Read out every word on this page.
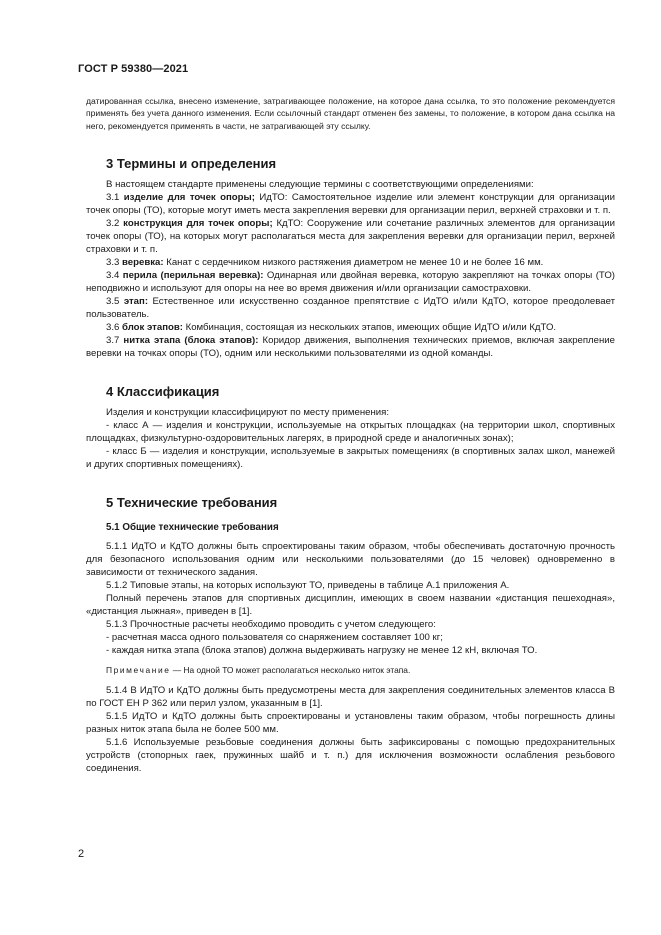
ГОСТ Р 59380—2021

датированная ссылка, внесено изменение, затрагивающее положение, на которое дана ссылка, то это положение рекомендуется применять без учета данного изменения. Если ссылочный стандарт отменен без замены, то положение, в котором дана ссылка на него, рекомендуется применять в части, не затрагивающей эту ссылку.

3 Термины и определения

В настоящем стандарте применены следующие термины с соответствующими определениями:

3.1 изделие для точек опоры; ИдТО: Самостоятельное изделие или элемент конструкции для организации точек опоры (ТО), которые могут иметь места закрепления веревки для организации перил, верхней страховки и т. п.

3.2 конструкция для точек опоры; КдТО: Сооружение или сочетание различных элементов для организации точек опоры (ТО), на которых могут располагаться места для закрепления веревки для организации перил, верхней страховки и т. п.

3.3 веревка: Канат с сердечником низкого растяжения диаметром не менее 10 и не более 16 мм.

3.4 перила (перильная веревка): Одинарная или двойная веревка, которую закрепляют на точках опоры (ТО) неподвижно и используют для опоры на нее во время движения и/или организации самостраховки.

3.5 этап: Естественное или искусственно созданное препятствие с ИдТО и/или КдТО, которое преодолевает пользователь.

3.6 блок этапов: Комбинация, состоящая из нескольких этапов, имеющих общие ИдТО и/или КдТО.

3.7 нитка этапа (блока этапов): Коридор движения, выполнения технических приемов, включая закрепление веревки на точках опоры (ТО), одним или несколькими пользователями из одной команды.

4 Классификация

Изделия и конструкции классифицируют по месту применения:

- класс А — изделия и конструкции, используемые на открытых площадках (на территории школ, спортивных площадках, физкультурно-оздоровительных лагерях, в природной среде и аналогичных зонах);

- класс Б — изделия и конструкции, используемые в закрытых помещениях (в спортивных залах школ, манежей и других спортивных помещениях).

5 Технические требования
5.1 Общие технические требования

5.1.1 ИдТО и КдТО должны быть спроектированы таким образом, чтобы обеспечивать достаточную прочность для безопасного использования одним или несколькими пользователями (до 15 человек) одновременно в зависимости от технического задания.

5.1.2 Типовые этапы, на которых используют ТО, приведены в таблице А.1 приложения А.

Полный перечень этапов для спортивных дисциплин, имеющих в своем названии «дистанция пешеходная», «дистанция лыжная», приведен в [1].

5.1.3 Прочностные расчеты необходимо проводить с учетом следующего:

- расчетная масса одного пользователя со снаряжением составляет 100 кг;

- каждая нитка этапа (блока этапов) должна выдерживать нагрузку не менее 12 кН, включая ТО.

Примечание — На одной ТО может располагаться несколько ниток этапа.

5.1.4 В ИдТО и КдТО должны быть предусмотрены места для закрепления соединительных элементов класса В по ГОСТ ЕН Р 362 или перил узлом, указанным в [1].

5.1.5 ИдТО и КдТО должны быть спроектированы и установлены таким образом, чтобы погрешность длины разных ниток этапа была не более 500 мм.

5.1.6 Используемые резьбовые соединения должны быть зафиксированы с помощью предохранительных устройств (стопорных гаек, пружинных шайб и т. п.) для исключения возможности ослабления резьбового соединения.

2
